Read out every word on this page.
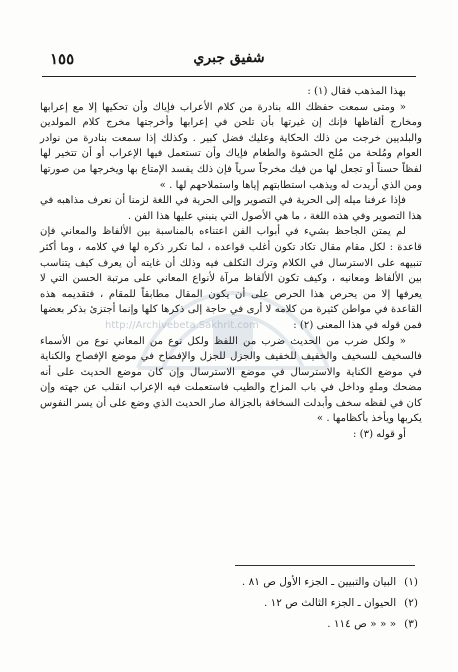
١٥٥	شفيق جبري
http://Archivebeta.Sakhrit.com

بهذا المذهب فقال (١) :

« ومتى سمعت حفظك الله بنادرة من كلام الأعراب فإياك وأن تحكيها إلا مع إعرابها ومخارج ألفاظها فإنك إن غيرتها بأن تلحن في إعرابها وأخرجتها مخرج كلام المولدين والبلديين خرجت من ذلك الحكاية وعليك فضل كبير . وكذلك إذا سمعت بنادرة من نوادر العوام ومُلحة من مُلح الحشوة والطغام فإياك وأن تستعمل فيها الإعراب أو أن تتخير لها لفظاً حسناً أو تجعل لها من فيك مخرجاً سرياً فإن ذلك يفسد الإمتاع بها ويخرجها من صورتها ومن الذي أريدت له ويذهب استطابتهم إياها واستملاحهم لها . »

فإذا عرفنا ميله إلى الحرية في التصوير وإلى الحرية في اللغة لزمنا أن نعرف مذاهبه في هذا التصوير وفي هذه اللغة ، ما هي الأصول التي ينبني عليها هذا الفن .

لم يمتن الجاحظ بشيء في أبواب الفن اعتناءه بالمناسبة بين الألفاظ والمعاني فإن قاعدة : لكل مقام مقال تكاد تكون أغلب قواعده ، لما تكرر ذكره لها في كلامه ، وما أكثر تنبيهه على الاسترسال في الكلام وترك التكلف فيه وذلك أن غايته أن يعرف كيف يتناسب بين الألفاظ ومعانيه ، وكيف تكون الألفاظ مرآة لأنواع المعاني على مرتبة الحسن التي لا يعرفها إلا من يحرص هذا الحرص على أن يكون المقال مطابقاً للمقام ، فتقديمه هذه القاعدة في مواطن كثيرة من كلامه لا أرى في حاجة إلى ذكرها كلها وإنما أجتزئ بذكر بعضها فمن قوله في هذا المعنى (٢) :

« ولكل ضرب من الحديث ضرب من اللفظ ولكل نوع من المعاني نوع من الأسماء فالسخيف للسخيف والخفيف للخفيف والجزل للجزل والإفصاح في موضع الإفصاح والكناية في موضع الكناية والاسترسال في موضع الاسترسال وإن كان موضع الحديث على أنه مضحك وملهٍ وداخل في باب المزاح والطيب فاستعملت فيه الإعراب انقلب عن جهته وإن كان في لفظه سخف وأبدلت السخافة بالجزالة صار الحديث الذي وضع على أن يسر النفوس يكربها ويأخذ بأكظامها . »

أو قوله (٣) :

(١)البيان والتبيين ـ الجزء الأول ص ٨١ .

(٢)الحيوان ـ الجزء الثالث ص ١٢ .

(٣)« « « ص ١١٤ .
